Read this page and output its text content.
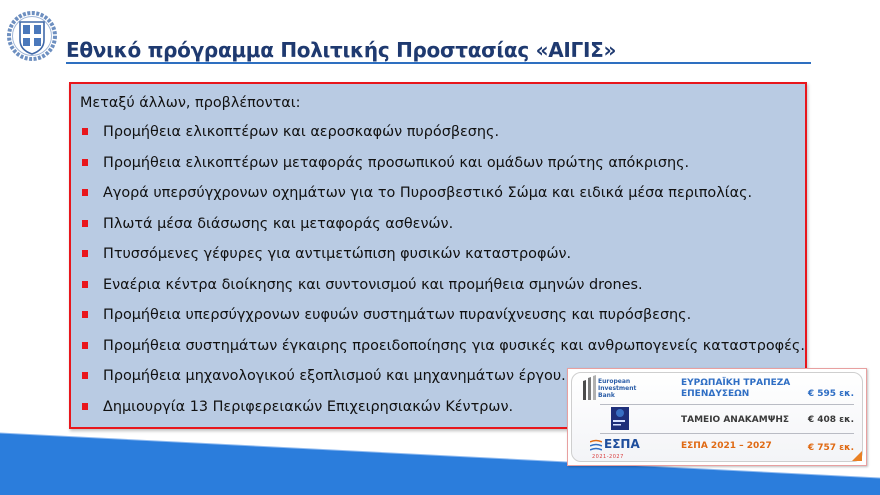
Εθνικό πρόγραμμα Πολιτικής Προστασίας «ΑΙΓΙΣ»
Μεταξύ άλλων, προβλέπονται:
Προμήθεια ελικοπτέρων και αεροσκαφών πυρόσβεσης.
Προμήθεια ελικοπτέρων μεταφοράς προσωπικού και ομάδων πρώτης απόκρισης.
Αγορά υπερσύγχρονων οχημάτων για το Πυροσβεστικό Σώμα και ειδικά μέσα περιπολίας.
Πλωτά μέσα διάσωσης και μεταφοράς ασθενών.
Πτυσσόμενες γέφυρες για αντιμετώπιση φυσικών καταστροφών.
Εναέρια κέντρα διοίκησης και συντονισμού και προμήθεια σμηνών drones.
Προμήθεια υπερσύγχρονων ευφυών συστημάτων πυρανίχνευσης και πυρόσβεσης.
Προμήθεια συστημάτων έγκαιρης προειδοποίησης για φυσικές και ανθρωπογενείς καταστροφές.
Προμήθεια μηχανολογικού εξοπλισμού και μηχανημάτων έργου.
Δημιουργία 13 Περιφερειακών Επιχειρησιακών Κέντρων.
European
Investment
Bank
ΕΥΡΩΠΑΪΚΗ ΤΡΑΠΕΖΑ
ΕΠΕΝΔΥΣΕΩΝ	€ 595 εκ.
ΤΑΜΕΙΟ ΑΝΑΚΑΜΨΗΣ € 408 εκ.
ΕΣΠΑ
2021-2027
ΕΣΠΑ 2021 – 2027	€ 757 εκ.
